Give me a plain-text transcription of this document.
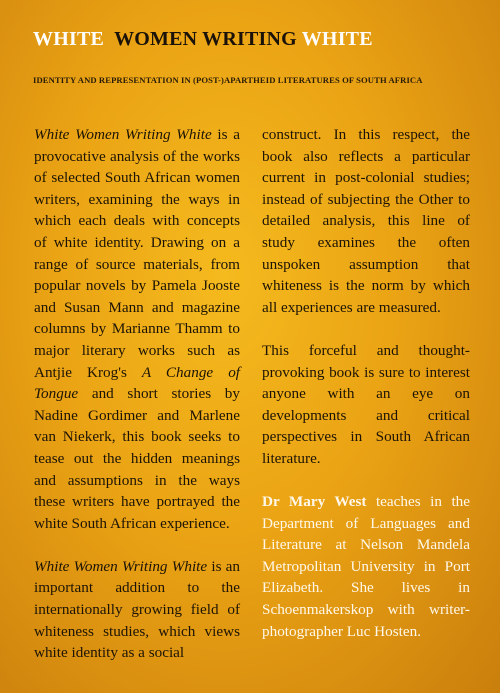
WHITE WOMEN WRITING WHITE
IDENTITY AND REPRESENTATION IN (POST-)APARTHEID LITERATURES OF SOUTH AFRICA

White Women Writing White is a provocative analysis of the works of selected South African women writers, examining the ways in which each deals with concepts of white identity. Drawing on a range of source materials, from popular novels by Pamela Jooste and Susan Mann and magazine columns by Marianne Thamm to major literary works such as Antjie Krog's A Change of Tongue and short stories by Nadine Gordimer and Marlene van Niekerk, this book seeks to tease out the hidden meanings and assumptions in the ways these writers have portrayed the white South African experience.

White Women Writing White is an important addition to the internationally growing field of whiteness studies, which views white identity as a social

construct. In this respect, the book also reflects a particular current in post-colonial studies; instead of subjecting the Other to detailed analysis, this line of study examines the often unspoken assumption that whiteness is the norm by which all experiences are measured.

This forceful and thought-provoking book is sure to interest anyone with an eye on developments and critical perspectives in South African literature.

Dr Mary West teaches in the Department of Languages and Literature at Nelson Mandela Metropolitan University in Port Elizabeth. She lives in Schoenmakerskop with writer-photographer Luc Hosten.
